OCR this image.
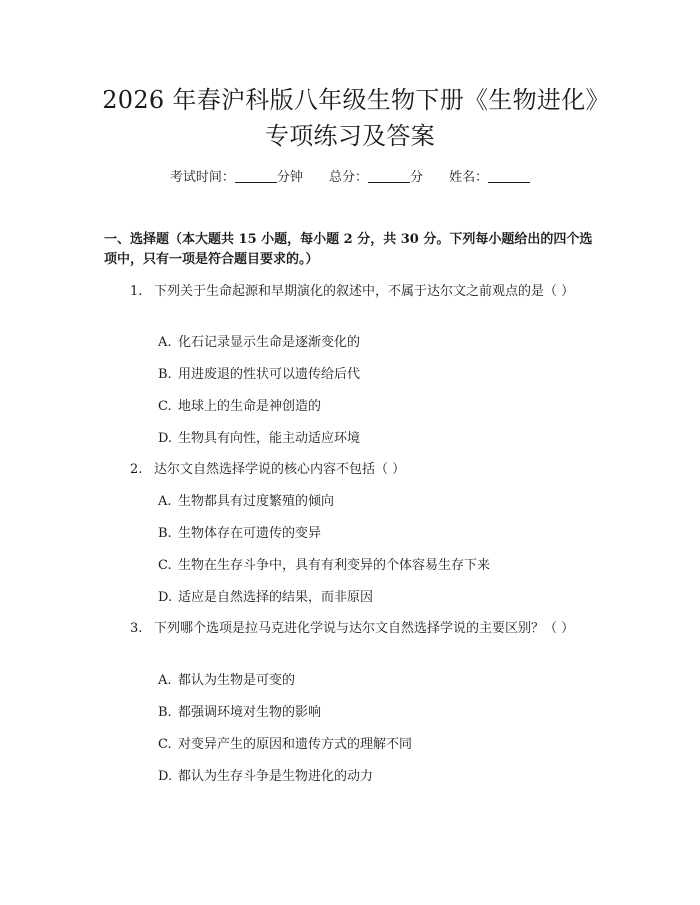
2026 年春沪科版八年级生物下册《生物进化》专项练习及答案
考试时间：	分钟 总分：	分 姓名：
一、选择题（本大题共 15 小题，每小题 2 分，共 30 分。下列每小题给出的四个选项中，只有一项是符合题目要求的。）
1. 下列关于生命起源和早期演化的叙述中，不属于达尔文之前观点的是（ ）
A. 化石记录显示生命是逐渐变化的
B. 用进废退的性状可以遗传给后代
C. 地球上的生命是神创造的
D. 生物具有向性，能主动适应环境
2. 达尔文自然选择学说的核心内容不包括（ ）
A. 生物都具有过度繁殖的倾向
B. 生物体存在可遗传的变异
C. 生物在生存斗争中，具有有利变异的个体容易生存下来
D. 适应是自然选择的结果，而非原因
3. 下列哪个选项是拉马克进化学说与达尔文自然选择学说的主要区别？（ ）
A. 都认为生物是可变的
B. 都强调环境对生物的影响
C. 对变异产生的原因和遗传方式的理解不同
D. 都认为生存斗争是生物进化的动力
